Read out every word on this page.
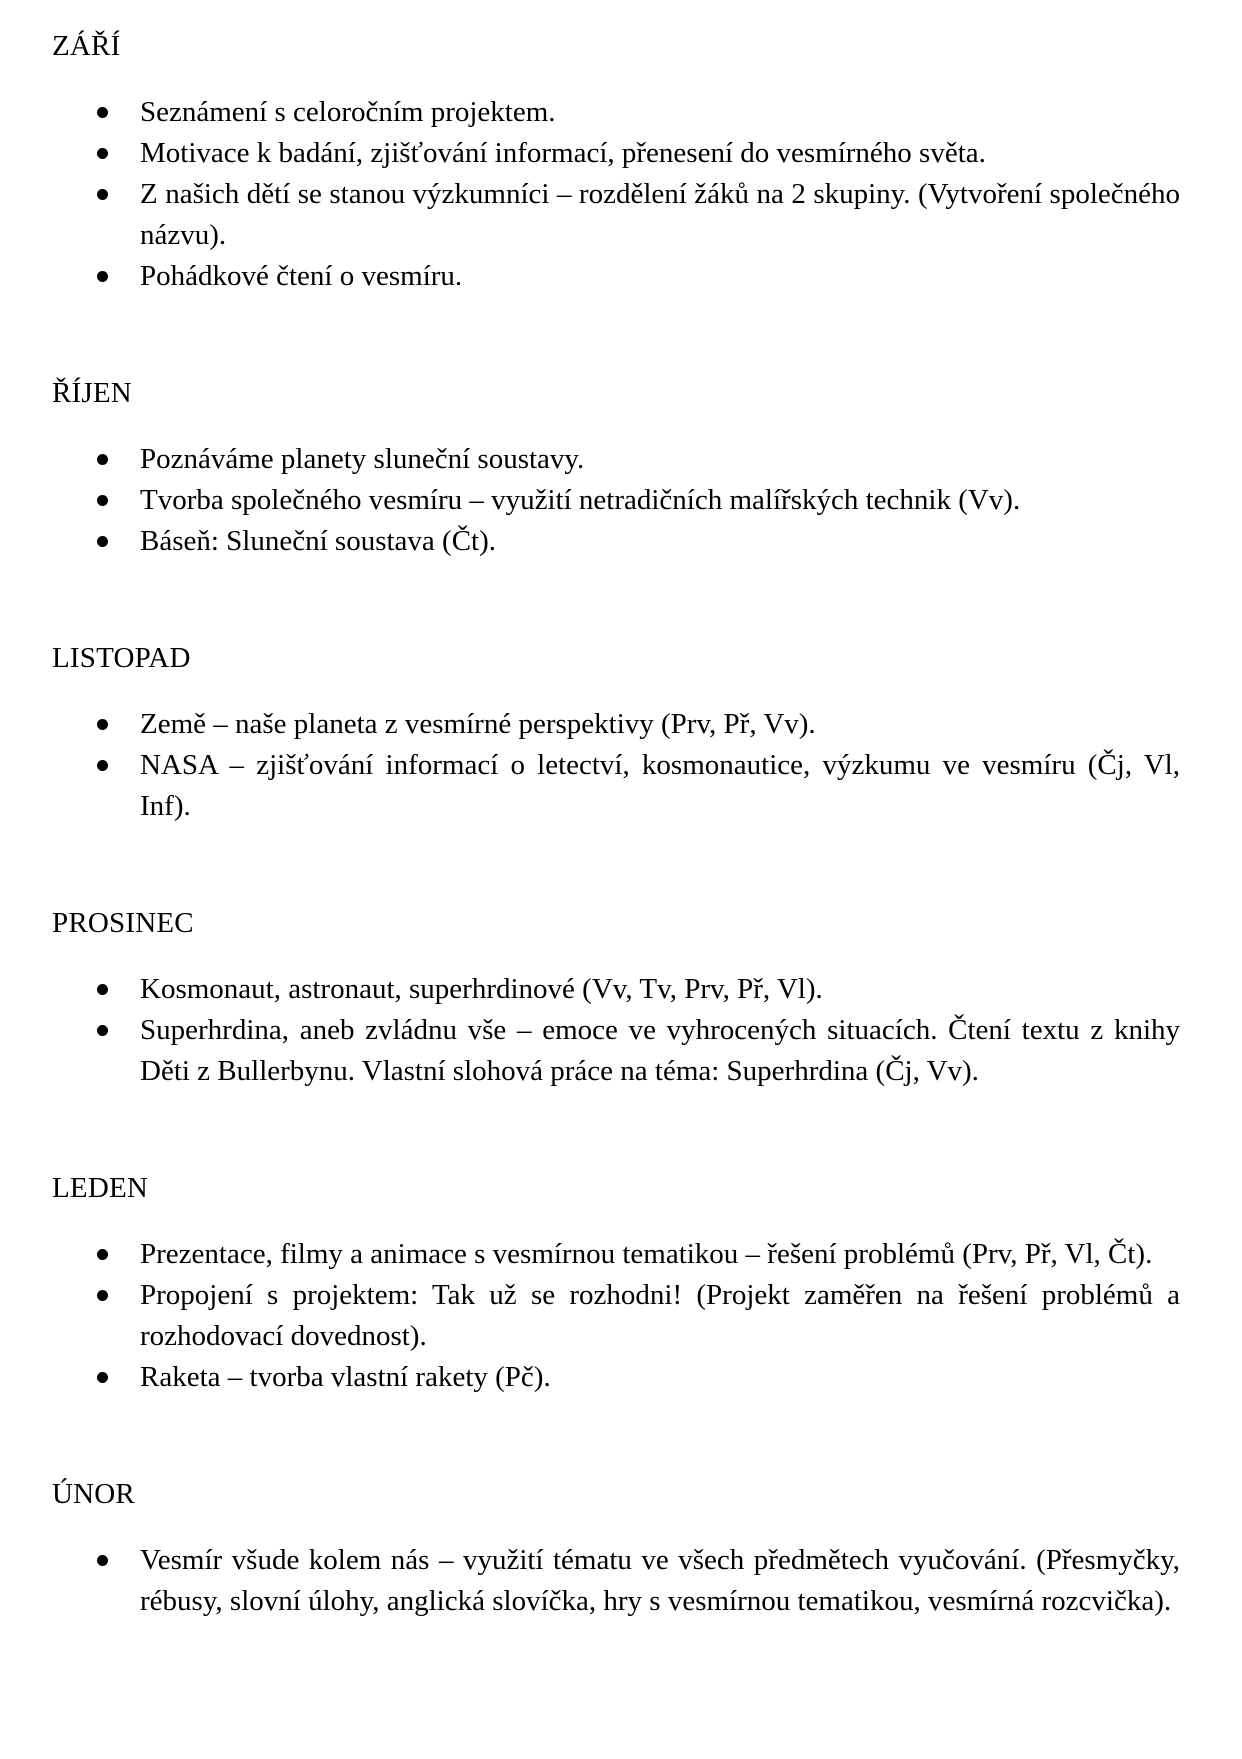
ZÁŘÍ
Seznámení s celoročním projektem.
Motivace k badání, zjišťování informací, přenesení do vesmírného světa.
Z našich dětí se stanou výzkumníci – rozdělení žáků na 2 skupiny. (Vytvoření společného názvu).
Pohádkové čtení o vesmíru.
ŘÍJEN
Poznáváme planety sluneční soustavy.
Tvorba společného vesmíru – využití netradičních malířských technik (Vv).
Báseň: Sluneční soustava (Čt).
LISTOPAD
Země – naše planeta z vesmírné perspektivy (Prv, Př, Vv).
NASA – zjišťování informací o letectví, kosmonautice, výzkumu ve vesmíru (Čj, Vl, Inf).
PROSINEC
Kosmonaut, astronaut, superhrdinové (Vv, Tv, Prv, Př, Vl).
Superhrdina, aneb zvládnu vše – emoce ve vyhrocených situacích. Čtení textu z knihy Děti z Bullerbynu. Vlastní slohová práce na téma: Superhrdina (Čj, Vv).
LEDEN
Prezentace, filmy a animace s vesmírnou tematikou – řešení problémů (Prv, Př, Vl, Čt).
Propojení s projektem: Tak už se rozhodni! (Projekt zaměřen na řešení problémů a rozhodovací dovednost).
Raketa – tvorba vlastní rakety (Pč).
ÚNOR
Vesmír všude kolem nás – využití tématu ve všech předmětech vyučování. (Přesmyčky, rébusy, slovní úlohy, anglická slovíčka, hry s vesmírnou tematikou, vesmírná rozcvička).
